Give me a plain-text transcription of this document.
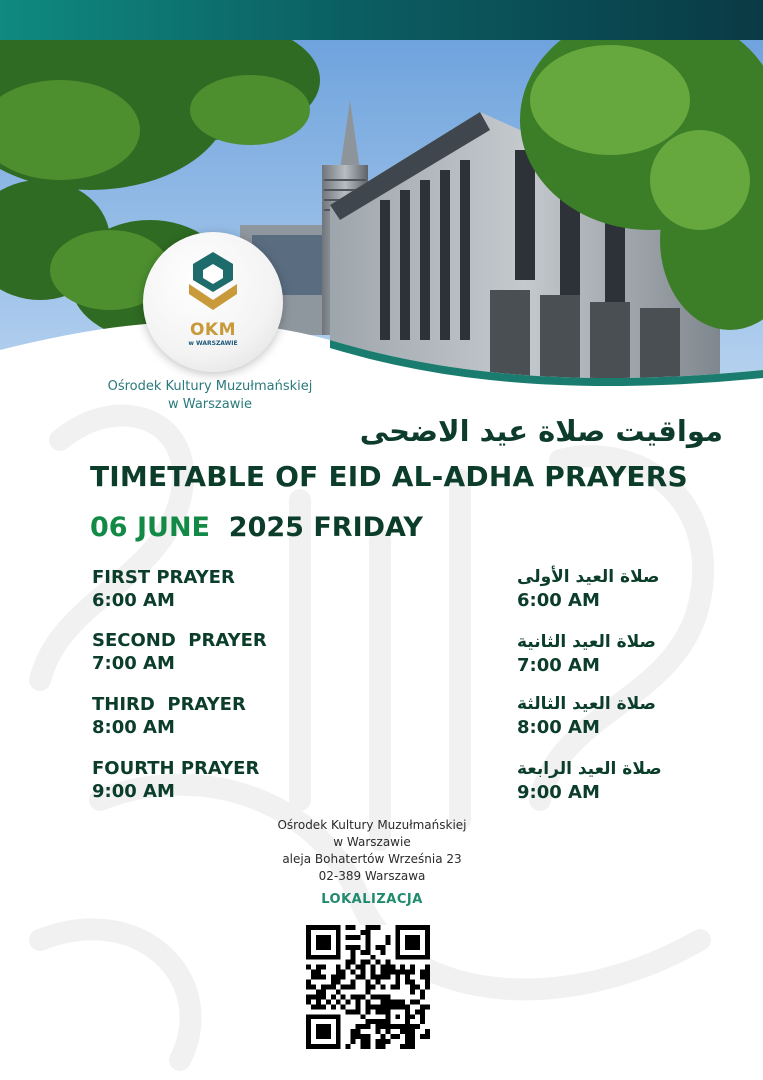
OKM
w WARSZAWIE
Ośrodek Kultury Muzułmańskiej
w Warszawie
مواقيت صلاة عيد الاضحى
TIMETABLE OF EID AL-ADHA PRAYERS
06 JUNE  2025 FRIDAY
FIRST PRAYER
6:00 AM
SECOND  PRAYER
7:00 AM
THIRD  PRAYER
8:00 AM
FOURTH PRAYER
9:00 AM
صلاة العيد الأولى
6:00 AM
صلاة العيد الثانية
7:00 AM
صلاة العيد الثالثة
8:00 AM
صلاة العيد الرابعة
9:00 AM
Ośrodek Kultury Muzułmańskiej
w Warszawie
aleja Bohatertów Września 23
02-389 Warszawa
LOKALIZACJA
